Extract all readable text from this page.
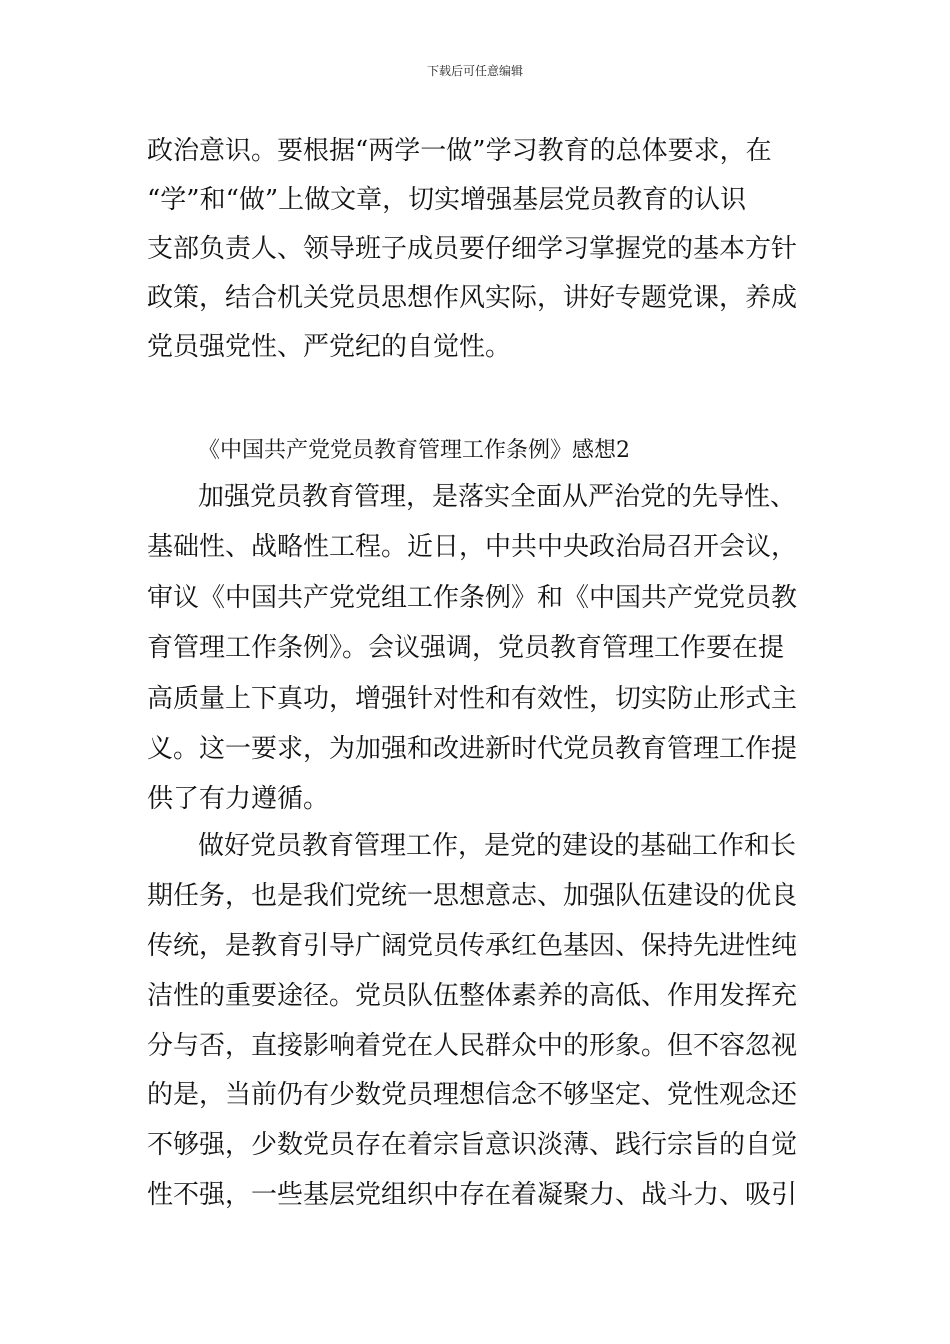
下载后可任意编辑
政治意识。要根据“两学一做”学习教育的总体要求，在
“学”和“做”上做文章，切实增强基层党员教育的认识
支部负责人、领导班子成员要仔细学习掌握党的基本方针
政策，结合机关党员思想作风实际，讲好专题党课，养成
党员强党性、严党纪的自觉性。
《中国共产党党员教育管理工作条例》感想2
加强党员教育管理，是落实全面从严治党的先导性、
基础性、战略性工程。近日，中共中央政治局召开会议，
审议《中国共产党党组工作条例》和《中国共产党党员教
育管理工作条例》。会议强调，党员教育管理工作要在提
高质量上下真功，增强针对性和有效性，切实防止形式主
义。这一要求，为加强和改进新时代党员教育管理工作提
供了有力遵循。
做好党员教育管理工作，是党的建设的基础工作和长
期任务，也是我们党统一思想意志、加强队伍建设的优良
传统，是教育引导广阔党员传承红色基因、保持先进性纯
洁性的重要途径。党员队伍整体素养的高低、作用发挥充
分与否，直接影响着党在人民群众中的形象。但不容忽视
的是，当前仍有少数党员理想信念不够坚定、党性观念还
不够强，少数党员存在着宗旨意识淡薄、践行宗旨的自觉
性不强，一些基层党组织中存在着凝聚力、战斗力、吸引
